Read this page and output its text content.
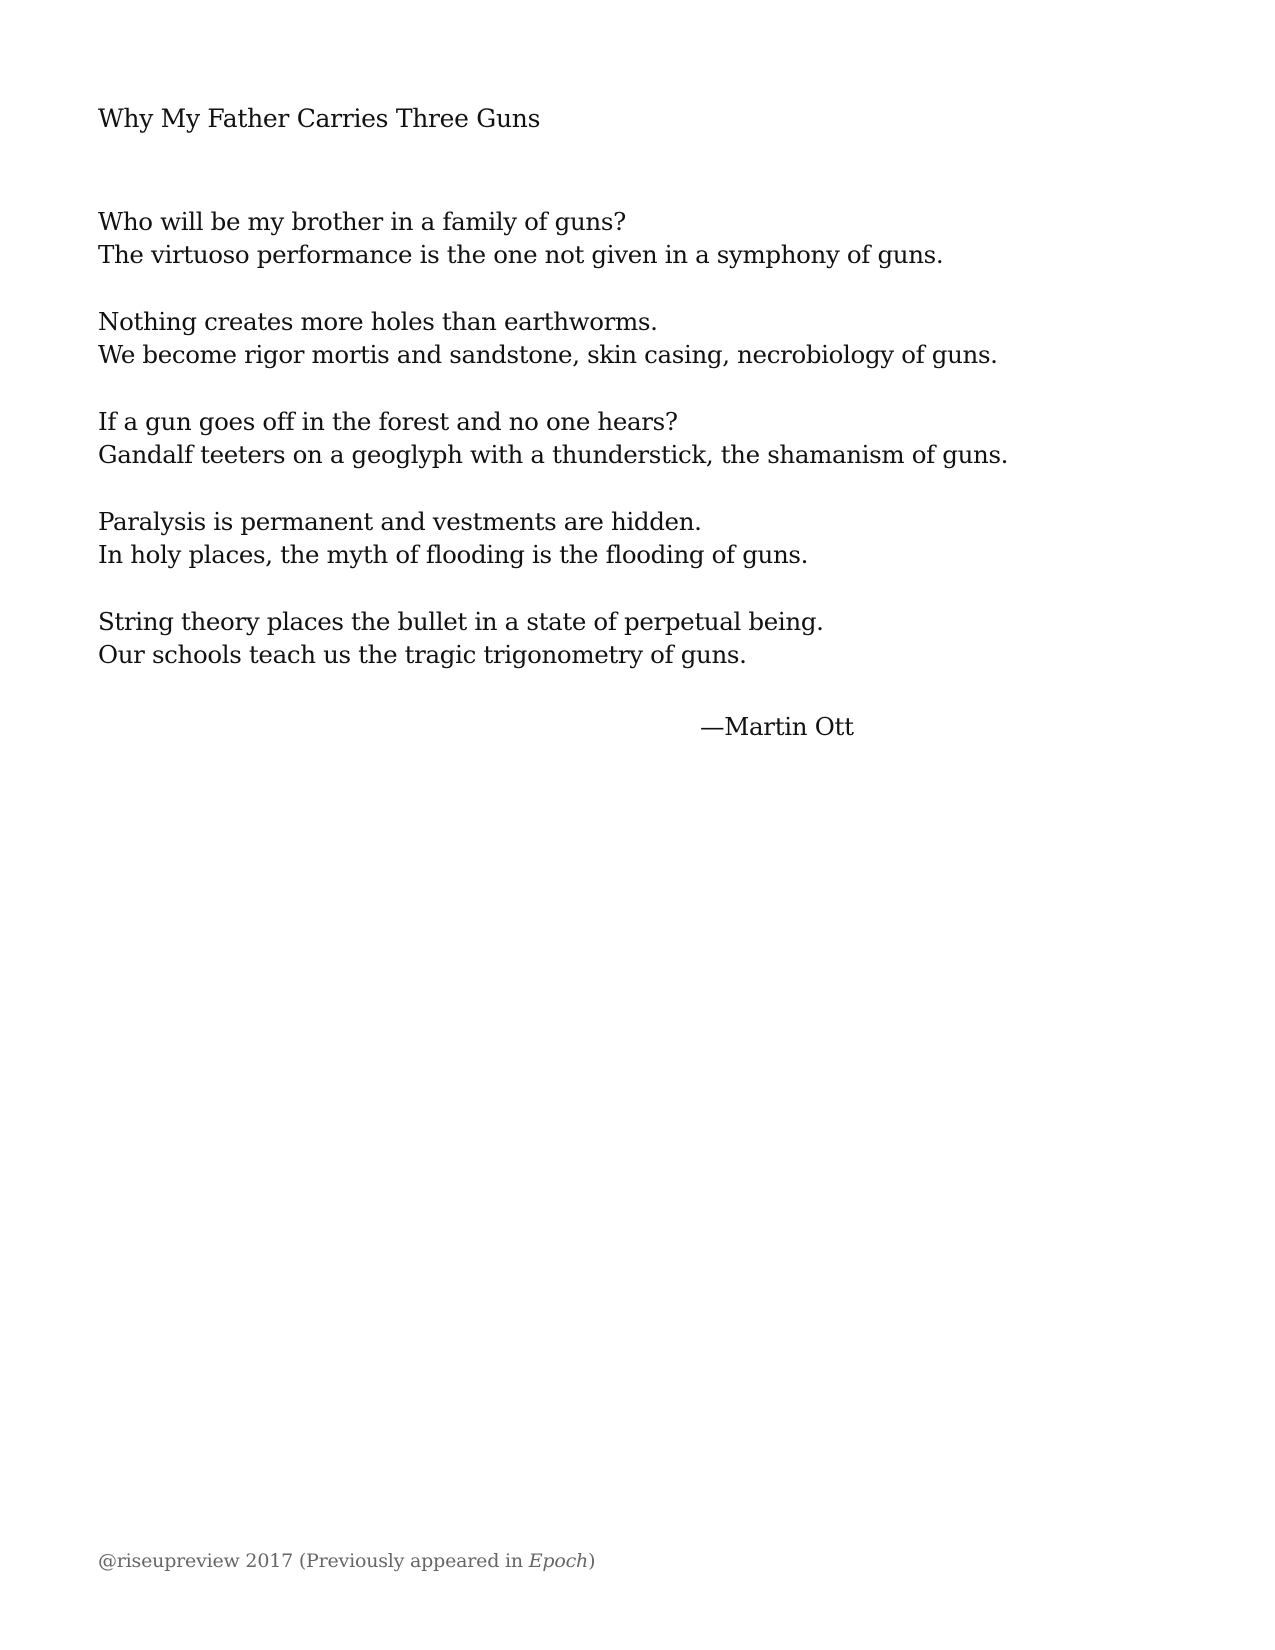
Why My Father Carries Three Guns
Who will be my brother in a family of guns?
The virtuoso performance is the one not given in a symphony of guns.
Nothing creates more holes than earthworms.
We become rigor mortis and sandstone, skin casing, necrobiology of guns.
If a gun goes off in the forest and no one hears?
Gandalf teeters on a geoglyph with a thunderstick, the shamanism of guns.
Paralysis is permanent and vestments are hidden.
In holy places, the myth of flooding is the flooding of guns.
String theory places the bullet in a state of perpetual being.
Our schools teach us the tragic trigonometry of guns.
—Martin Ott
@riseupreview 2017 (Previously appeared in Epoch)
